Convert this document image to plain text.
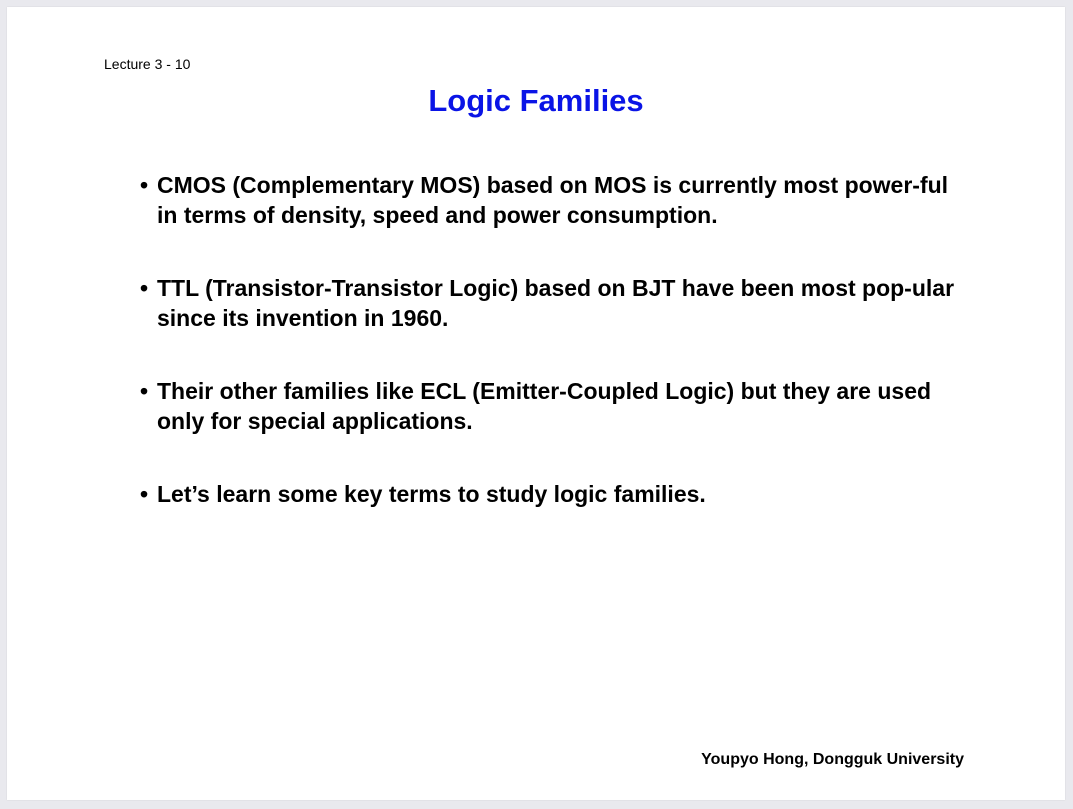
Lecture 3 - 10
Logic Families
• CMOS (Complementary MOS) based on MOS is currently most power-ful in terms of density, speed and power consumption.
• TTL (Transistor-Transistor Logic) based on BJT have been most pop-ular since its invention in 1960.
• Their other families like ECL (Emitter-Coupled Logic) but they are used only for special applications.
• Let’s learn some key terms to study logic families.
Youpyo Hong, Dongguk University
